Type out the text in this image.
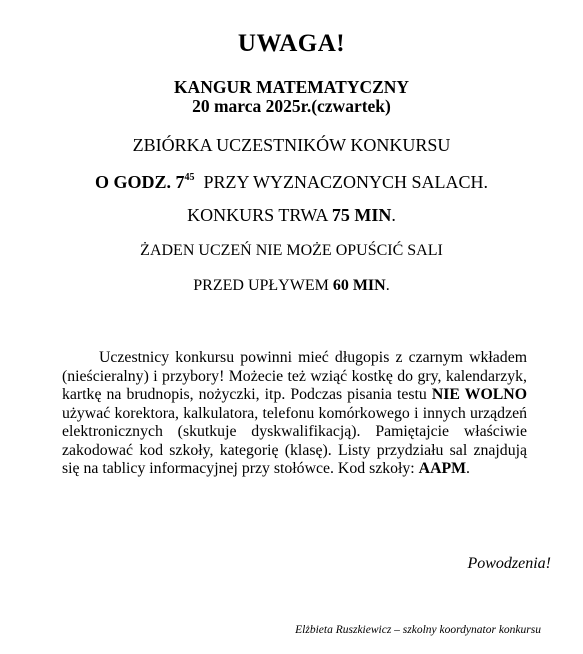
UWAGA!
KANGUR MATEMATYCZNY
20 marca 2025r.(czwartek)
ZBIÓRKA UCZESTNIKÓW KONKURSU
O GODZ. $7^{45}$ PRZY WYZNACZONYCH SALACH.
KONKURS TRWA 75 MIN.
ŻADEN UCZEŃ NIE MOŻE OPUŚCIĆ SALI
PRZED UPŁYWEM 60 MIN.
Uczestnicy konkursu powinni mieć długopis z czarnym wkładem (nieścieralny) i przybory! Możecie też wziąć kostkę do gry, kalendarzyk, kartkę na brudnopis, nożyczki, itp. Podczas pisania testu NIE WOLNO używać korektora, kalkulatora, telefonu komórkowego i innych urządzeń elektronicznych (skutkuje dyskwalifikacją). Pamiętajcie właściwie zakodować kod szkoły, kategorię (klasę). Listy przydziału sal znajdują się na tablicy informacyjnej przy stołówce. Kod szkoły: AAPM.
Powodzenia!
Elżbieta Ruszkiewicz – szkolny koordynator konkursu
